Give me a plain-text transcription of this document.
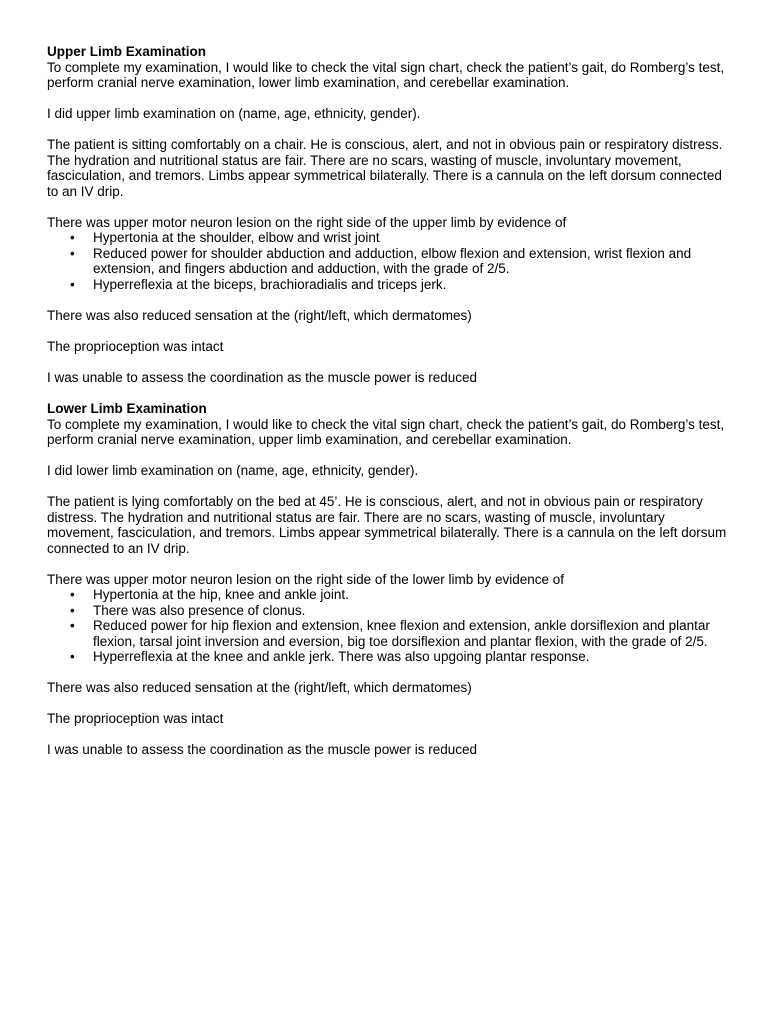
Upper Limb Examination

To complete my examination, I would like to check the vital sign chart, check the patient’s gait, do Romberg’s test, perform cranial nerve examination, lower limb examination, and cerebellar examination.

I did upper limb examination on (name, age, ethnicity, gender).

The patient is sitting comfortably on a chair. He is conscious, alert, and not in obvious pain or respiratory distress. The hydration and nutritional status are fair. There are no scars, wasting of muscle, involuntary movement, fasciculation, and tremors. Limbs appear symmetrical bilaterally. There is a cannula on the left dorsum connected to an IV drip.

There was upper motor neuron lesion on the right side of the upper limb by evidence of

• Hypertonia at the shoulder, elbow and wrist joint
• Reduced power for shoulder abduction and adduction, elbow flexion and extension, wrist flexion and extension, and fingers abduction and adduction, with the grade of 2/5.
• Hyperreflexia at the biceps, brachioradialis and triceps jerk.

There was also reduced sensation at the (right/left, which dermatomes)

The proprioception was intact

I was unable to assess the coordination as the muscle power is reduced

Lower Limb Examination

To complete my examination, I would like to check the vital sign chart, check the patient’s gait, do Romberg’s test, perform cranial nerve examination, upper limb examination, and cerebellar examination.

I did lower limb examination on (name, age, ethnicity, gender).

The patient is lying comfortably on the bed at 45’. He is conscious, alert, and not in obvious pain or respiratory distress. The hydration and nutritional status are fair. There are no scars, wasting of muscle, involuntary movement, fasciculation, and tremors. Limbs appear symmetrical bilaterally. There is a cannula on the left dorsum connected to an IV drip.

There was upper motor neuron lesion on the right side of the lower limb by evidence of

• Hypertonia at the hip, knee and ankle joint.
• There was also presence of clonus.
• Reduced power for hip flexion and extension, knee flexion and extension, ankle dorsiflexion and plantar flexion, tarsal joint inversion and eversion, big toe dorsiflexion and plantar flexion, with the grade of 2/5.
• Hyperreflexia at the knee and ankle jerk. There was also upgoing plantar response.

There was also reduced sensation at the (right/left, which dermatomes)

The proprioception was intact

I was unable to assess the coordination as the muscle power is reduced
